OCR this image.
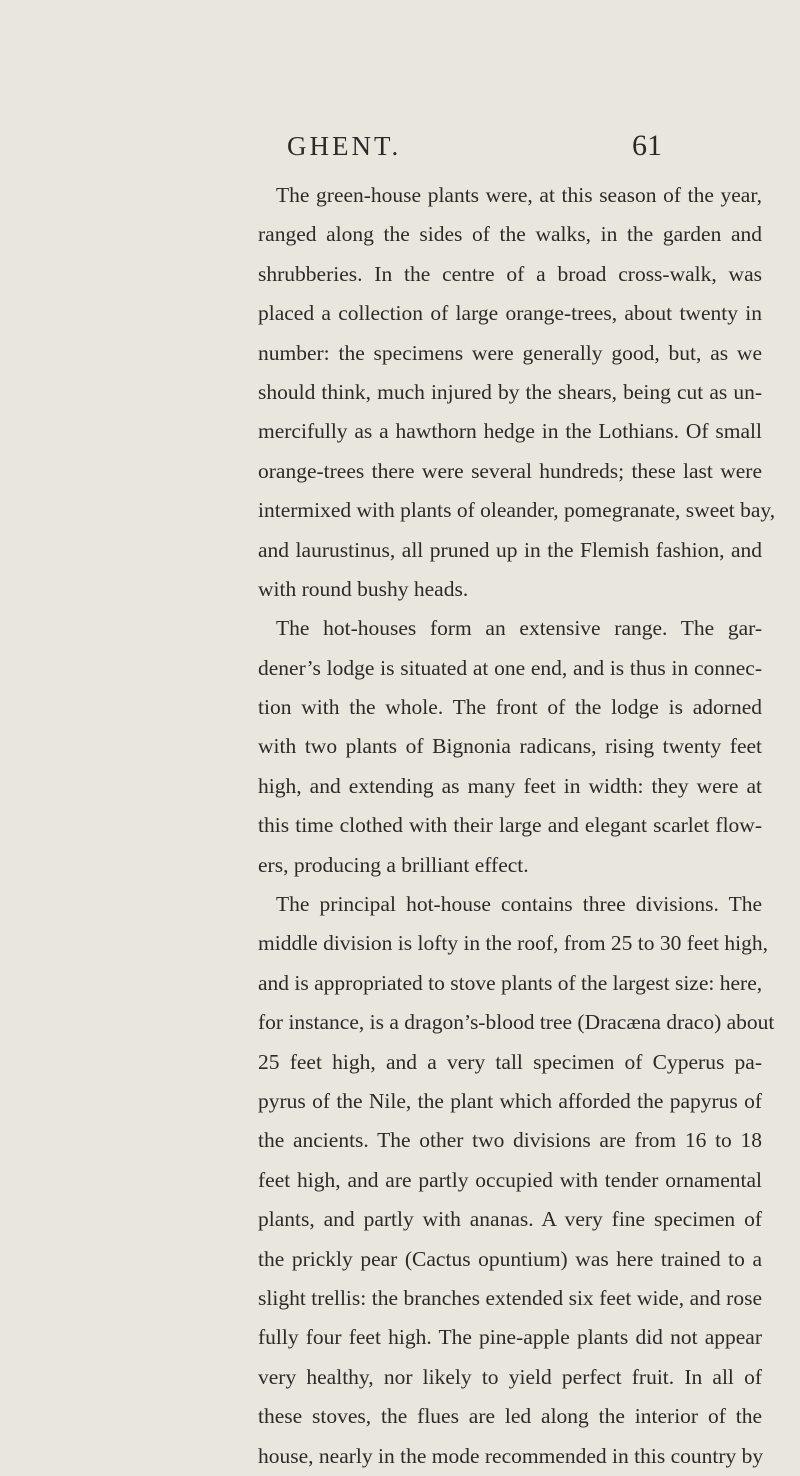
GHENT.	61
The green-house plants were, at this season of the year,
ranged along the sides of the walks, in the garden and
shrubberies. In the centre of a broad cross-walk, was
placed a collection of large orange-trees, about twenty in
number: the specimens were generally good, but, as we
should think, much injured by the shears, being cut as un-
mercifully as a hawthorn hedge in the Lothians. Of small
orange-trees there were several hundreds; these last were
intermixed with plants of oleander, pomegranate, sweet bay,
and laurustinus, all pruned up in the Flemish fashion, and
with round bushy heads.
The hot-houses form an extensive range. The gar-
dener’s lodge is situated at one end, and is thus in connec-
tion with the whole. The front of the lodge is adorned
with two plants of Bignonia radicans, rising twenty feet
high, and extending as many feet in width: they were at
this time clothed with their large and elegant scarlet flow-
ers, producing a brilliant effect.
The principal hot-house contains three divisions. The
middle division is lofty in the roof, from 25 to 30 feet high,
and is appropriated to stove plants of the largest size: here,
for instance, is a dragon’s-blood tree (Dracæna draco) about
25 feet high, and a very tall specimen of Cyperus pa-
pyrus of the Nile, the plant which afforded the papyrus of
the ancients. The other two divisions are from 16 to 18
feet high, and are partly occupied with tender ornamental
plants, and partly with ananas. A very fine specimen of
the prickly pear (Cactus opuntium) was here trained to a
slight trellis: the branches extended six feet wide, and rose
fully four feet high. The pine-apple plants did not appear
very healthy, nor likely to yield perfect fruit. In all of
these stoves, the flues are led along the interior of the
house, nearly in the mode recommended in this country by
